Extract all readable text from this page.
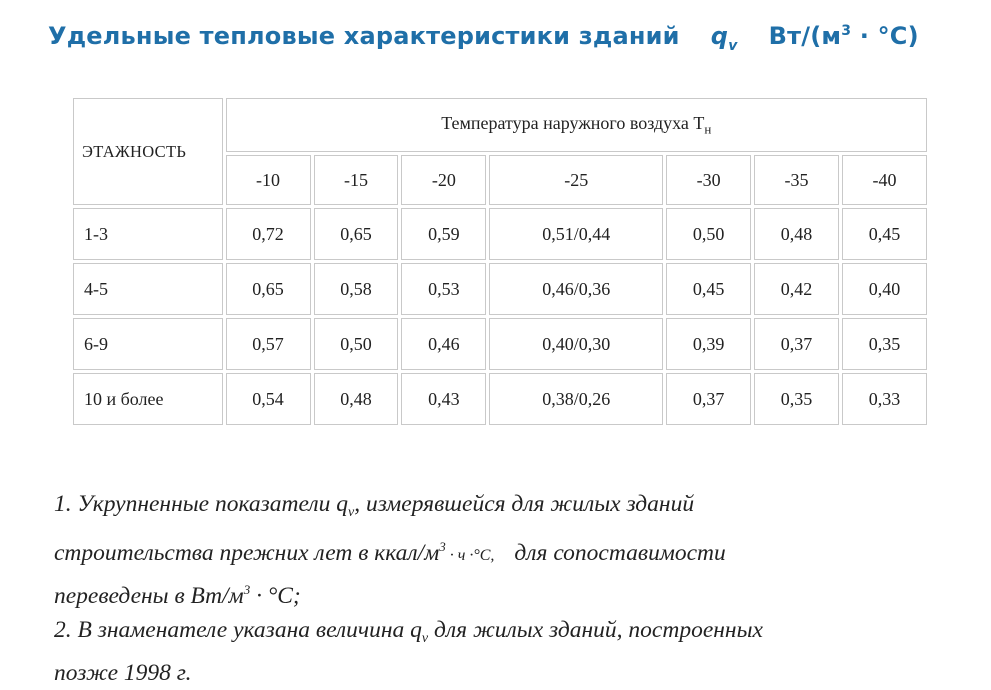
Удельные тепловые характеристики зданий $q_v$ $Вт/(м^3 \cdot ^\circ C)$
ЭТАЖНОСТЬ	Температура наружного воздуха $Т_н$
	-10	-15	-20	-25	-30	-35	-40
1-3	0,72	0,65	0,59	0,51/0,44	0,50	0,48	0,45
4-5	0,65	0,58	0,53	0,46/0,36	0,45	0,42	0,40
6-9	0,57	0,50	0,46	0,40/0,30	0,39	0,37	0,35
10 и более	0,54	0,48	0,43	0,38/0,26	0,37	0,35	0,33

1. Укрупненные показатели $q_v$, измерявшейся для жилых зданий

строительства прежних лет в ккал/$м^3 \cdot ч \cdot^\circ С$, для сопоставимости

переведены в $Вт/м^3 \cdot ^\circ С$;

2. В знаменателе указана величина $q_v$ для жилых зданий, построенных

позже 1998 г.
